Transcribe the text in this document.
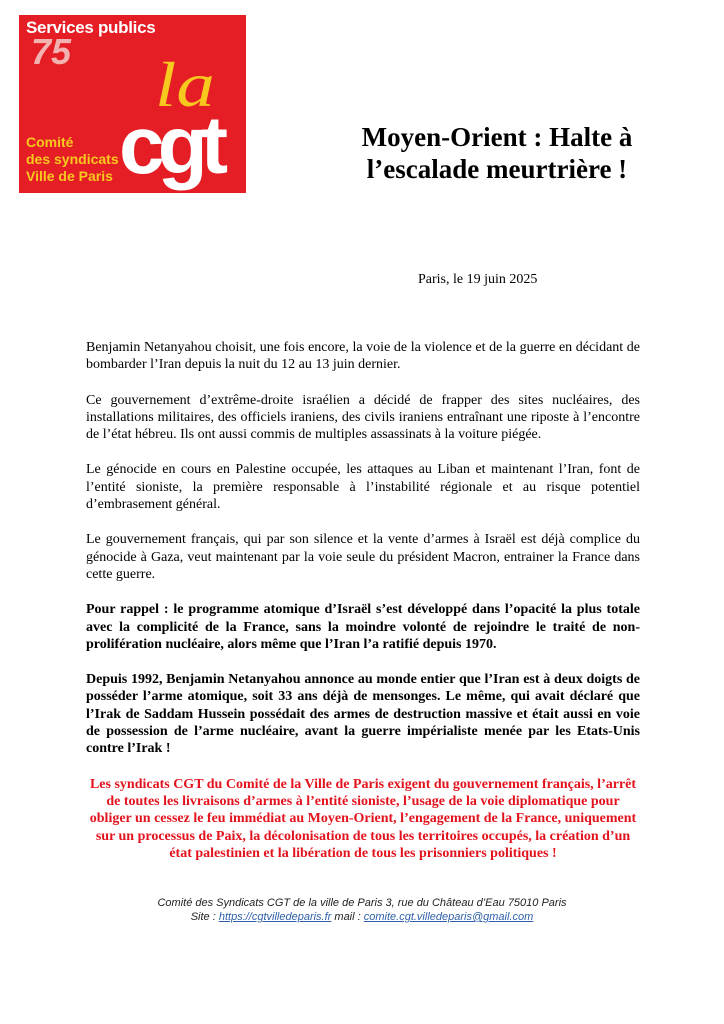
75
Services publics
la
cgt
Comité
des syndicats
Ville de Paris
Moyen-Orient : Halte à
l’escalade meurtrière !
Paris, le 19 juin 2025

Benjamin Netanyahou choisit, une fois encore, la voie de la violence et de la guerre en décidant de bombarder l’Iran depuis la nuit du 12 au 13 juin dernier.

Ce gouvernement d’extrême-droite israélien a décidé de frapper des sites nucléaires, des installations militaires, des officiels iraniens, des civils iraniens entraînant une riposte à l’encontre de l’état hébreu. Ils ont aussi commis de multiples assassinats à la voiture piégée.

Le génocide en cours en Palestine occupée, les attaques au Liban et maintenant l’Iran, font de l’entité sioniste, la première responsable à l’instabilité régionale et au risque potentiel d’embrasement général.

Le gouvernement français, qui par son silence et la vente d’armes à Israël est déjà complice du génocide à Gaza, veut maintenant par la voie seule du président Macron, entrainer la France dans cette guerre.

Pour rappel : le programme atomique d’Israël s’est développé dans l’opacité la plus totale avec la complicité de la France, sans la moindre volonté de rejoindre le traité de non-prolifération nucléaire, alors même que l’Iran l’a ratifié depuis 1970.

Depuis 1992, Benjamin Netanyahou annonce au monde entier que l’Iran est à deux doigts de posséder l’arme atomique, soit 33 ans déjà de mensonges. Le même, qui avait déclaré que l’Irak de Saddam Hussein possédait des armes de destruction massive et était aussi en voie de possession de l’arme nucléaire, avant la guerre impérialiste menée par les Etats-Unis contre l’Irak !

Les syndicats CGT du Comité de la Ville de Paris exigent du gouvernement français, l’arrêt de toutes les livraisons d’armes à l’entité sioniste, l’usage de la voie diplomatique pour obliger un cessez le feu immédiat au Moyen-Orient, l’engagement de la France, uniquement sur un processus de Paix, la décolonisation de tous les territoires occupés, la création d’un état palestinien et la libération de tous les prisonniers politiques !

Comité des Syndicats CGT de la ville de Paris 3, rue du Château d’Eau 75010 Paris
Site : https://cgtvilledeparis.fr mail : comite.cgt.villedeparis@gmail.com
